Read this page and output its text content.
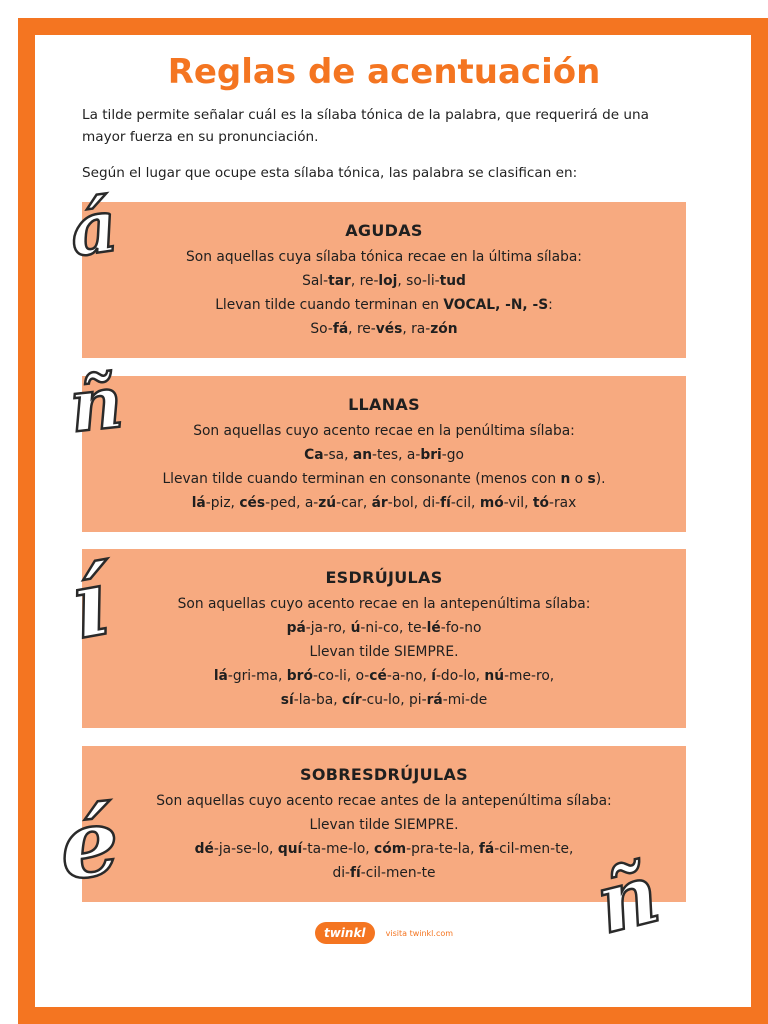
Reglas de acentuación
La tilde permite señalar cuál es la sílaba tónica de la palabra, que requerirá de una mayor fuerza en su pronunciación.
Según el lugar que ocupe esta sílaba tónica, las palabra se clasifican en:
AGUDAS
Son aquellas cuya sílaba tónica recae en la última sílaba:
Sal-tar, re-loj, so-li-tud
Llevan tilde cuando terminan en VOCAL, -N, -S:
So-fá, re-vés, ra-zón
LLANAS
Son aquellas cuyo acento recae en la penúltima sílaba:
Ca-sa, an-tes, a-bri-go
Llevan tilde cuando terminan en consonante (menos con n o s).
lá-piz, cés-ped, a-zú-car, ár-bol, di-fí-cil, mó-vil, tó-rax
ESDRÚJULAS
Son aquellas cuyo acento recae en la antepenúltima sílaba:
pá-ja-ro, ú-ni-co, te-lé-fo-no
Llevan tilde SIEMPRE.
lá-gri-ma, bró-co-li, o-cé-a-no, í-do-lo, nú-me-ro,
sí-la-ba, cír-cu-lo, pi-rá-mi-de
SOBRESDRÚJULAS
Son aquellas cuyo acento recae antes de la antepenúltima sílaba:
Llevan tilde SIEMPRE.
dé-ja-se-lo, quí-ta-me-lo, cóm-pra-te-la, fá-cil-men-te,
di-fí-cil-men-te
á
ñ
í
é	ñ
twinkl	visita twinkl.com
